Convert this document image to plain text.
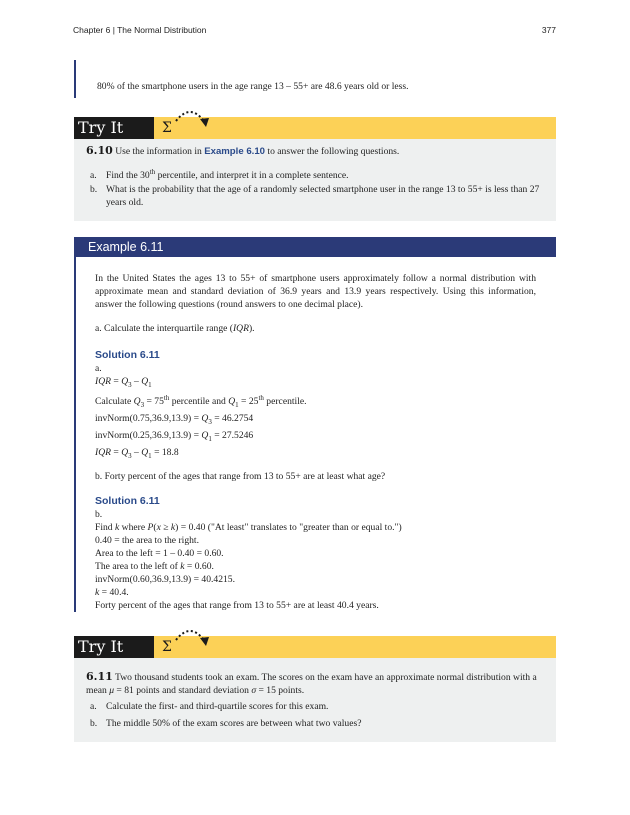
Chapter 6 | The Normal Distribution	377
80% of the smartphone users in the age range 13 – 55+ are 48.6 years old or less.
Try It	Σ
6.10 Use the information in Example 6.10 to answer the following questions.
a. Find the 30th percentile, and interpret it in a complete sentence.
b. What is the probability that the age of a randomly selected smartphone user in the range 13 to 55+ is less than 27 years old.
Example 6.11
In the United States the ages 13 to 55+ of smartphone users approximately follow a normal distribution with approximate mean and standard deviation of 36.9 years and 13.9 years respectively. Using this information, answer the following questions (round answers to one decimal place).
a. Calculate the interquartile range (IQR).
Solution 6.11
a.
IQR = $Q_3 - Q_1$
Calculate $Q_3 = 75th$ percentile and $Q_1 = 25th$ percentile.
invNorm(0.75,36.9,13.9) = $Q_3 = 46.2754$
invNorm(0.25,36.9,13.9) = $Q_1 = 27.5246$
IQR = $Q_3 - Q_1 = 18.8$
b. Forty percent of the ages that range from 13 to 55+ are at least what age?
Solution 6.11
b.
Find k where P(x ≥ k) = 0.40 ("At least" translates to "greater than or equal to.")
0.40 = the area to the right.
Area to the left = 1 – 0.40 = 0.60.
The area to the left of k = 0.60.
invNorm(0.60,36.9,13.9) = 40.4215.
k = 40.4.
Forty percent of the ages that range from 13 to 55+ are at least 40.4 years.
Try It	Σ
6.11 Two thousand students took an exam. The scores on the exam have an approximate normal distribution with a mean μ = 81 points and standard deviation σ = 15 points.
a. Calculate the first- and third-quartile scores for this exam.
b. The middle 50% of the exam scores are between what two values?
